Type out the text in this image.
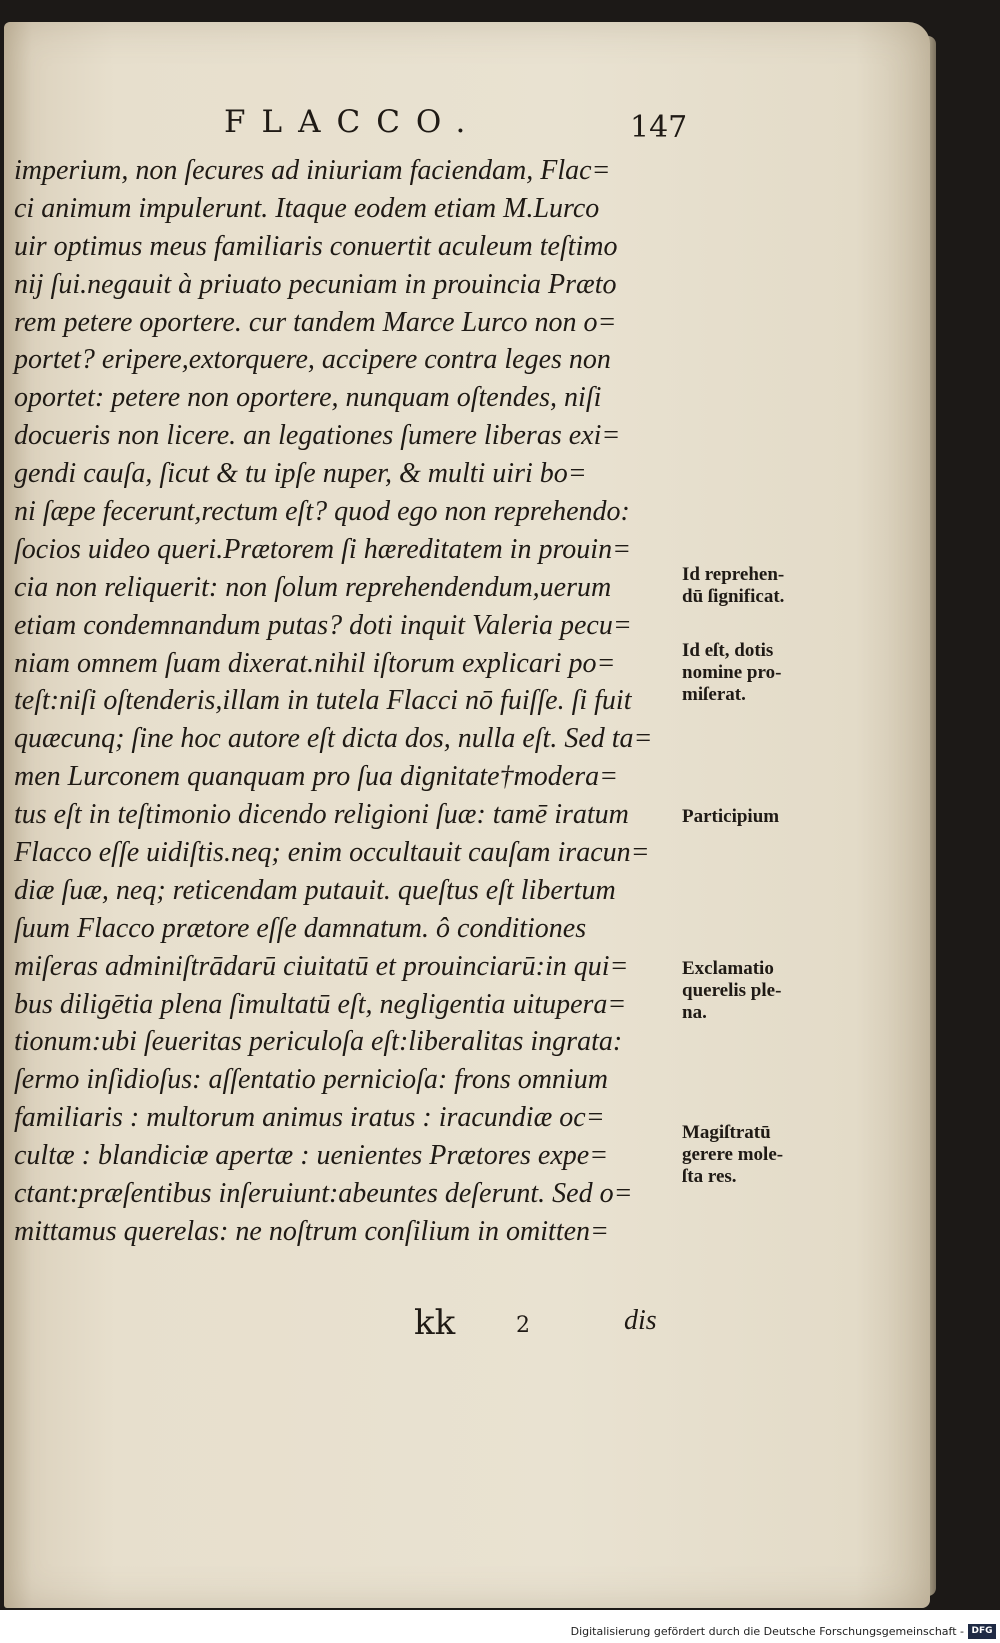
FLACCO.	147
imperium, non ſecures ad iniuriam faciendam, Flac=
ci animum impulerunt. Itaque eodem etiam M.Lurco
uir optimus meus familiaris conuertit aculeum teſtimo
nij ſui.negauit à priuato pecuniam in prouincia Prætο
rem petere oportere. cur tandem Marce Lurco non o=
portet? eripere,extorquere, accipere contra leges non
oportet: petere non oportere, nunquam oſtendes, niſi
docueris non licere. an legationes ſumere liberas exi=
gendi cauſa, ſicut & tu ipſe nuper, & multi uiri bo=
ni ſæpe fecerunt,rectum eſt? quod ego non reprehendo:
ſocios uideo queri.Prætorem ſi hæreditatem in prouin=
cia non reliquerit: non ſolum reprehendendum,uerum
etiam condemnandum putas? doti inquit Valeria pecu=
niam omnem ſuam dixerat.nihil iſtorum explicari po=
teſt:niſi oſtenderis,illam in tutela Flacci nō fuiſſe. ſi fuit
quæcunq; ſine hoc autore eſt dicta dos, nulla eſt. Sed ta=
men Lurconem quanquam pro ſua dignitate†modera=
tus eſt in teſtimonio dicendo religioni ſuæ: tamē iratum
Flacco eſſe uidiſtis.neq; enim occultauit cauſam iracun=
diæ ſuæ, neq; reticendam putauit. queſtus eſt libertum
ſuum Flacco prætore eſſe damnatum. ô conditiones
miſeras adminiſtrādarū ciuitatū et prouinciarū:in qui=
bus diligētia plena ſimultatū eſt, negligentia uitupera=
tionum:ubi ſeueritas periculoſa eſt:liberalitas ingrata:
ſermo inſidioſus: aſſentatio pernicioſa: frons omnium
familiaris : multorum animus iratus : iracundiæ oc=
cultæ : blandiciæ apertæ : uenientes Prætores expe=
ctant:præſentibus inſeruiunt:abeuntes deſerunt. Sed o=
mittamus querelas: ne noſtrum conſilium in omitten=
Id reprehen-
dū ſignificat.
Id eſt, dotis
nomine pro-
miſerat.
Participium
Exclamatio
querelis ple-
na.
Magiſtratū
gerere mole-
ſta res.
kk	2	dis
Digitalisierung gefördert durch die Deutsche Forschungsgemeinschaft - DFG
